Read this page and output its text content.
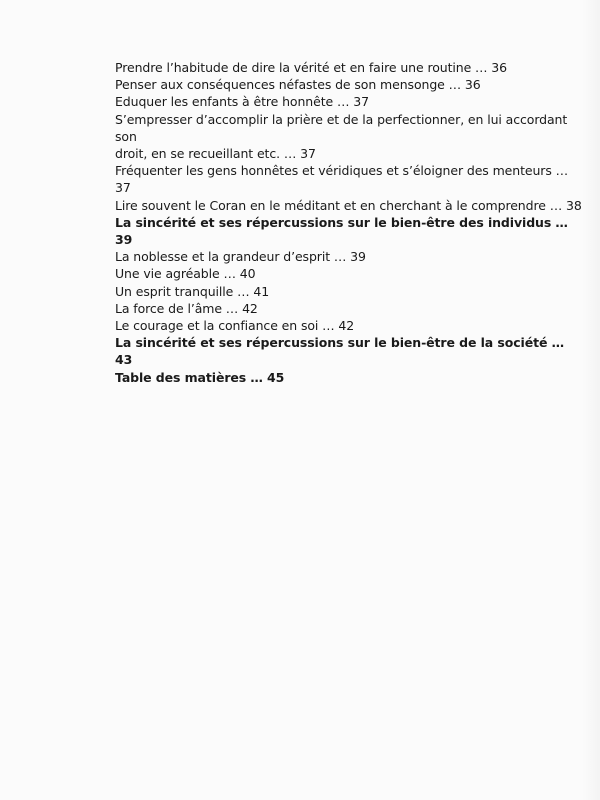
Prendre l’habitude de dire la vérité et en faire une routine … 36
Penser aux conséquences néfastes de son mensonge … 36
Eduquer les enfants à être honnête … 37
S’empresser d’accomplir la prière et de la perfectionner, en lui accordant son
droit, en se recueillant etc. … 37
Fréquenter les gens honnêtes et véridiques et s’éloigner des menteurs … 37
Lire souvent le Coran en le méditant et en cherchant à le comprendre … 38
La sincérité et ses répercussions sur le bien-être des individus … 39
La noblesse et la grandeur d’esprit … 39
Une vie agréable … 40
Un esprit tranquille … 41
La force de l’âme … 42
Le courage et la confiance en soi … 42
La sincérité et ses répercussions sur le bien-être de la société … 43
Table des matières … 45
